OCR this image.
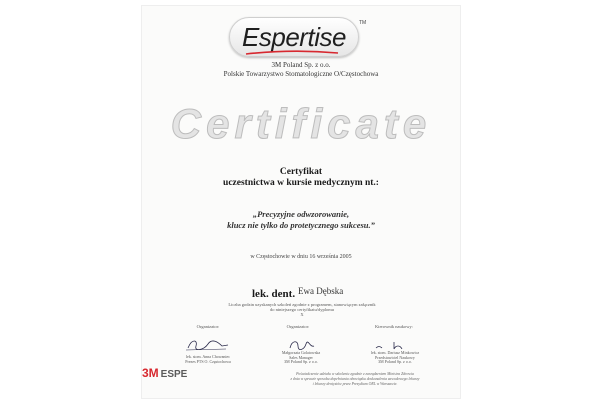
Espertise	TM
3M Poland Sp. z o.o.
Polskie Towarzystwo Stomatologiczne O/Częstochowa
Certificate
Certyfikat
uczestnictwa w kursie medycznym nt.:
„Precyzyjne odwzorowanie,
klucz nie tylko do protetycznego sukcesu.”
w Częstochowie w dniu 16 września 2005
lek. dent. Ewa Dębska
Liczba godzin uzyskanych szkoleń zgodnie z programem, stanowiącym załącznik
do niniejszego certyfikatu/dyplomu
X
Organizator:
lek. stom. Anna Chowaniec
Prezes PTS O. Częstochowa
Organizator:
Małgorzata Golatowska
Sales Manager
3M Poland Sp. z o.o.
Kierownik naukowy:
lek. stom. Dariusz Minkowicz
Przedstawiciel Naukowy
3M Poland Sp. z o.o.
3M ESPE	Poświadczenie udziału w szkoleniu zgodnie z zarządzeniem Ministra Zdrowia
z dnia w sprawie sposobu dopełniania obowiązku doskonalenia zawodowego lekarzy
i lekarzy dentystów przez Prezydium ORL w Warszawie.
